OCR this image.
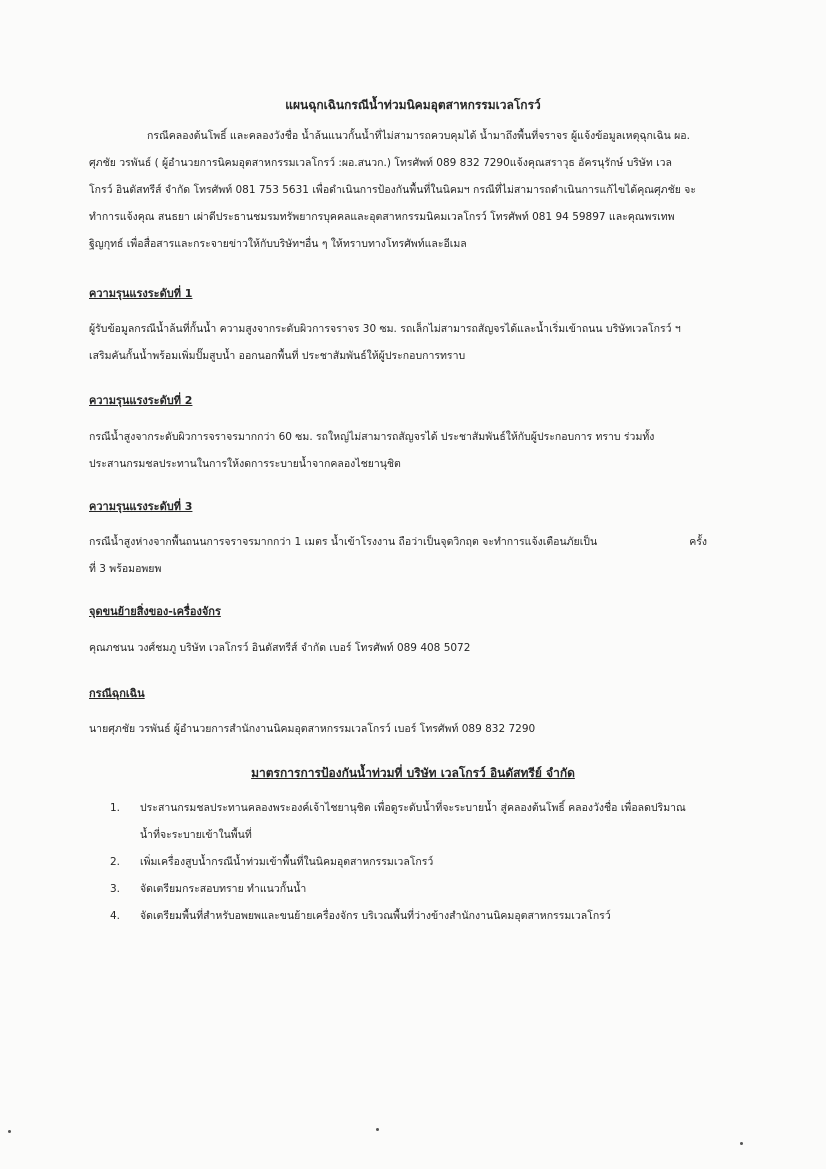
แผนฉุกเฉินกรณีน้ำท่วมนิคมอุตสาหกรรมเวลโกรว์

กรณีคลองต้นโพธิ์ และคลองวังชื่อ น้ำล้นแนวกั้นน้ำที่ไม่สามารถควบคุมได้ น้ำมาถึงพื้นที่จราจร ผู้แจ้งข้อมูลเหตุฉุกเฉิน ผอ.
ศุภชัย วรพันธ์ ( ผู้อำนวยการนิคมอุตสาหกรรมเวลโกรว์ :ผอ.สนวก.) โทรศัพท์ 089 832 7290แจ้งคุณสราวุธ อัครนุรักษ์ บริษัท เวล
โกรว์ อินดัสทรีส์ จำกัด โทรศัพท์ 081 753 5631 เพื่อดำเนินการป้องกันพื้นที่ในนิคมฯ กรณีที่ไม่สามารถดำเนินการแก้ไขได้คุณศุภชัย จะ
ทำการแจ้งคุณ สนธยา เผ่าดีประธานชมรมทรัพยากรบุคคลและอุตสาหกรรมนิคมเวลโกรว์ โทรศัพท์ 081 94 59897 และคุณพรเทพ
ฐิญกุทธ์ เพื่อสื่อสารและกระจายข่าวให้กับบริษัทฯอื่น ๆ ให้ทราบทางโทรศัพท์และอีเมล

ความรุนแรงระดับที่ 1

ผู้รับข้อมูลกรณีน้ำล้นที่กั้นน้ำ ความสูงจากระดับผิวการจราจร 30 ซม. รถเล็กไม่สามารถสัญจรได้และน้ำเริ่มเข้าถนน บริษัทเวลโกรว์ ฯ
เสริมคันกั้นน้ำพร้อมเพิ่มปั๊มสูบน้ำ ออกนอกพื้นที่ ประชาสัมพันธ์ให้ผู้ประกอบการทราบ

ความรุนแรงระดับที่ 2

กรณีน้ำสูงจากระดับผิวการจราจรมากกว่า 60 ซม. รถใหญ่ไม่สามารถสัญจรได้ ประชาสัมพันธ์ให้กับผู้ประกอบการ ทราบ ร่วมทั้ง
ประสานกรมชลประทานในการให้งดการระบายน้ำจากคลองไชยานุชิต

ความรุนแรงระดับที่ 3

กรณีน้ำสูงห่างจากพื้นถนนการจราจรมากกว่า 1 เมตร น้ำเข้าโรงงาน ถือว่าเป็นจุดวิกฤต จะทำการแจ้งเตือนภัยเป็น	ครั้ง
ที่ 3 พร้อมอพยพ

จุดขนย้ายสิ่งของ-เครื่องจักร

คุณภชนน วงศ์ชมภู บริษัท เวลโกรว์ อินดัสทรีส์ จำกัด เบอร์ โทรศัพท์ 089 408 5072

กรณีฉุกเฉิน

นายศุภชัย วรพันธ์ ผู้อำนวยการสำนักงานนิคมอุตสาหกรรมเวลโกรว์ เบอร์ โทรศัพท์ 089 832 7290

มาตรการการป้องกันน้ำท่วมที่ บริษัท เวลโกรว์ อินดัสทรีย์ จำกัด
1.	ประสานกรมชลประทานคลองพระองค์เจ้าไชยานุชิต เพื่อดูระดับน้ำที่จะระบายน้ำ สู่คลองต้นโพธิ์ คลองวังชื่อ เพื่อลดปริมาณ
น้ำที่จะระบายเข้าในพื้นที่
2.	เพิ่มเครื่องสูบน้ำกรณีน้ำท่วมเข้าพื้นที่ในนิคมอุตสาหกรรมเวลโกรว์
3.	จัดเตรียมกระสอบทราย ทำแนวกั้นน้ำ
4.	จัดเตรียมพื้นที่สำหรับอพยพและขนย้ายเครื่องจักร บริเวณพื้นที่ว่างข้างสำนักงานนิคมอุตสาหกรรมเวลโกรว์
